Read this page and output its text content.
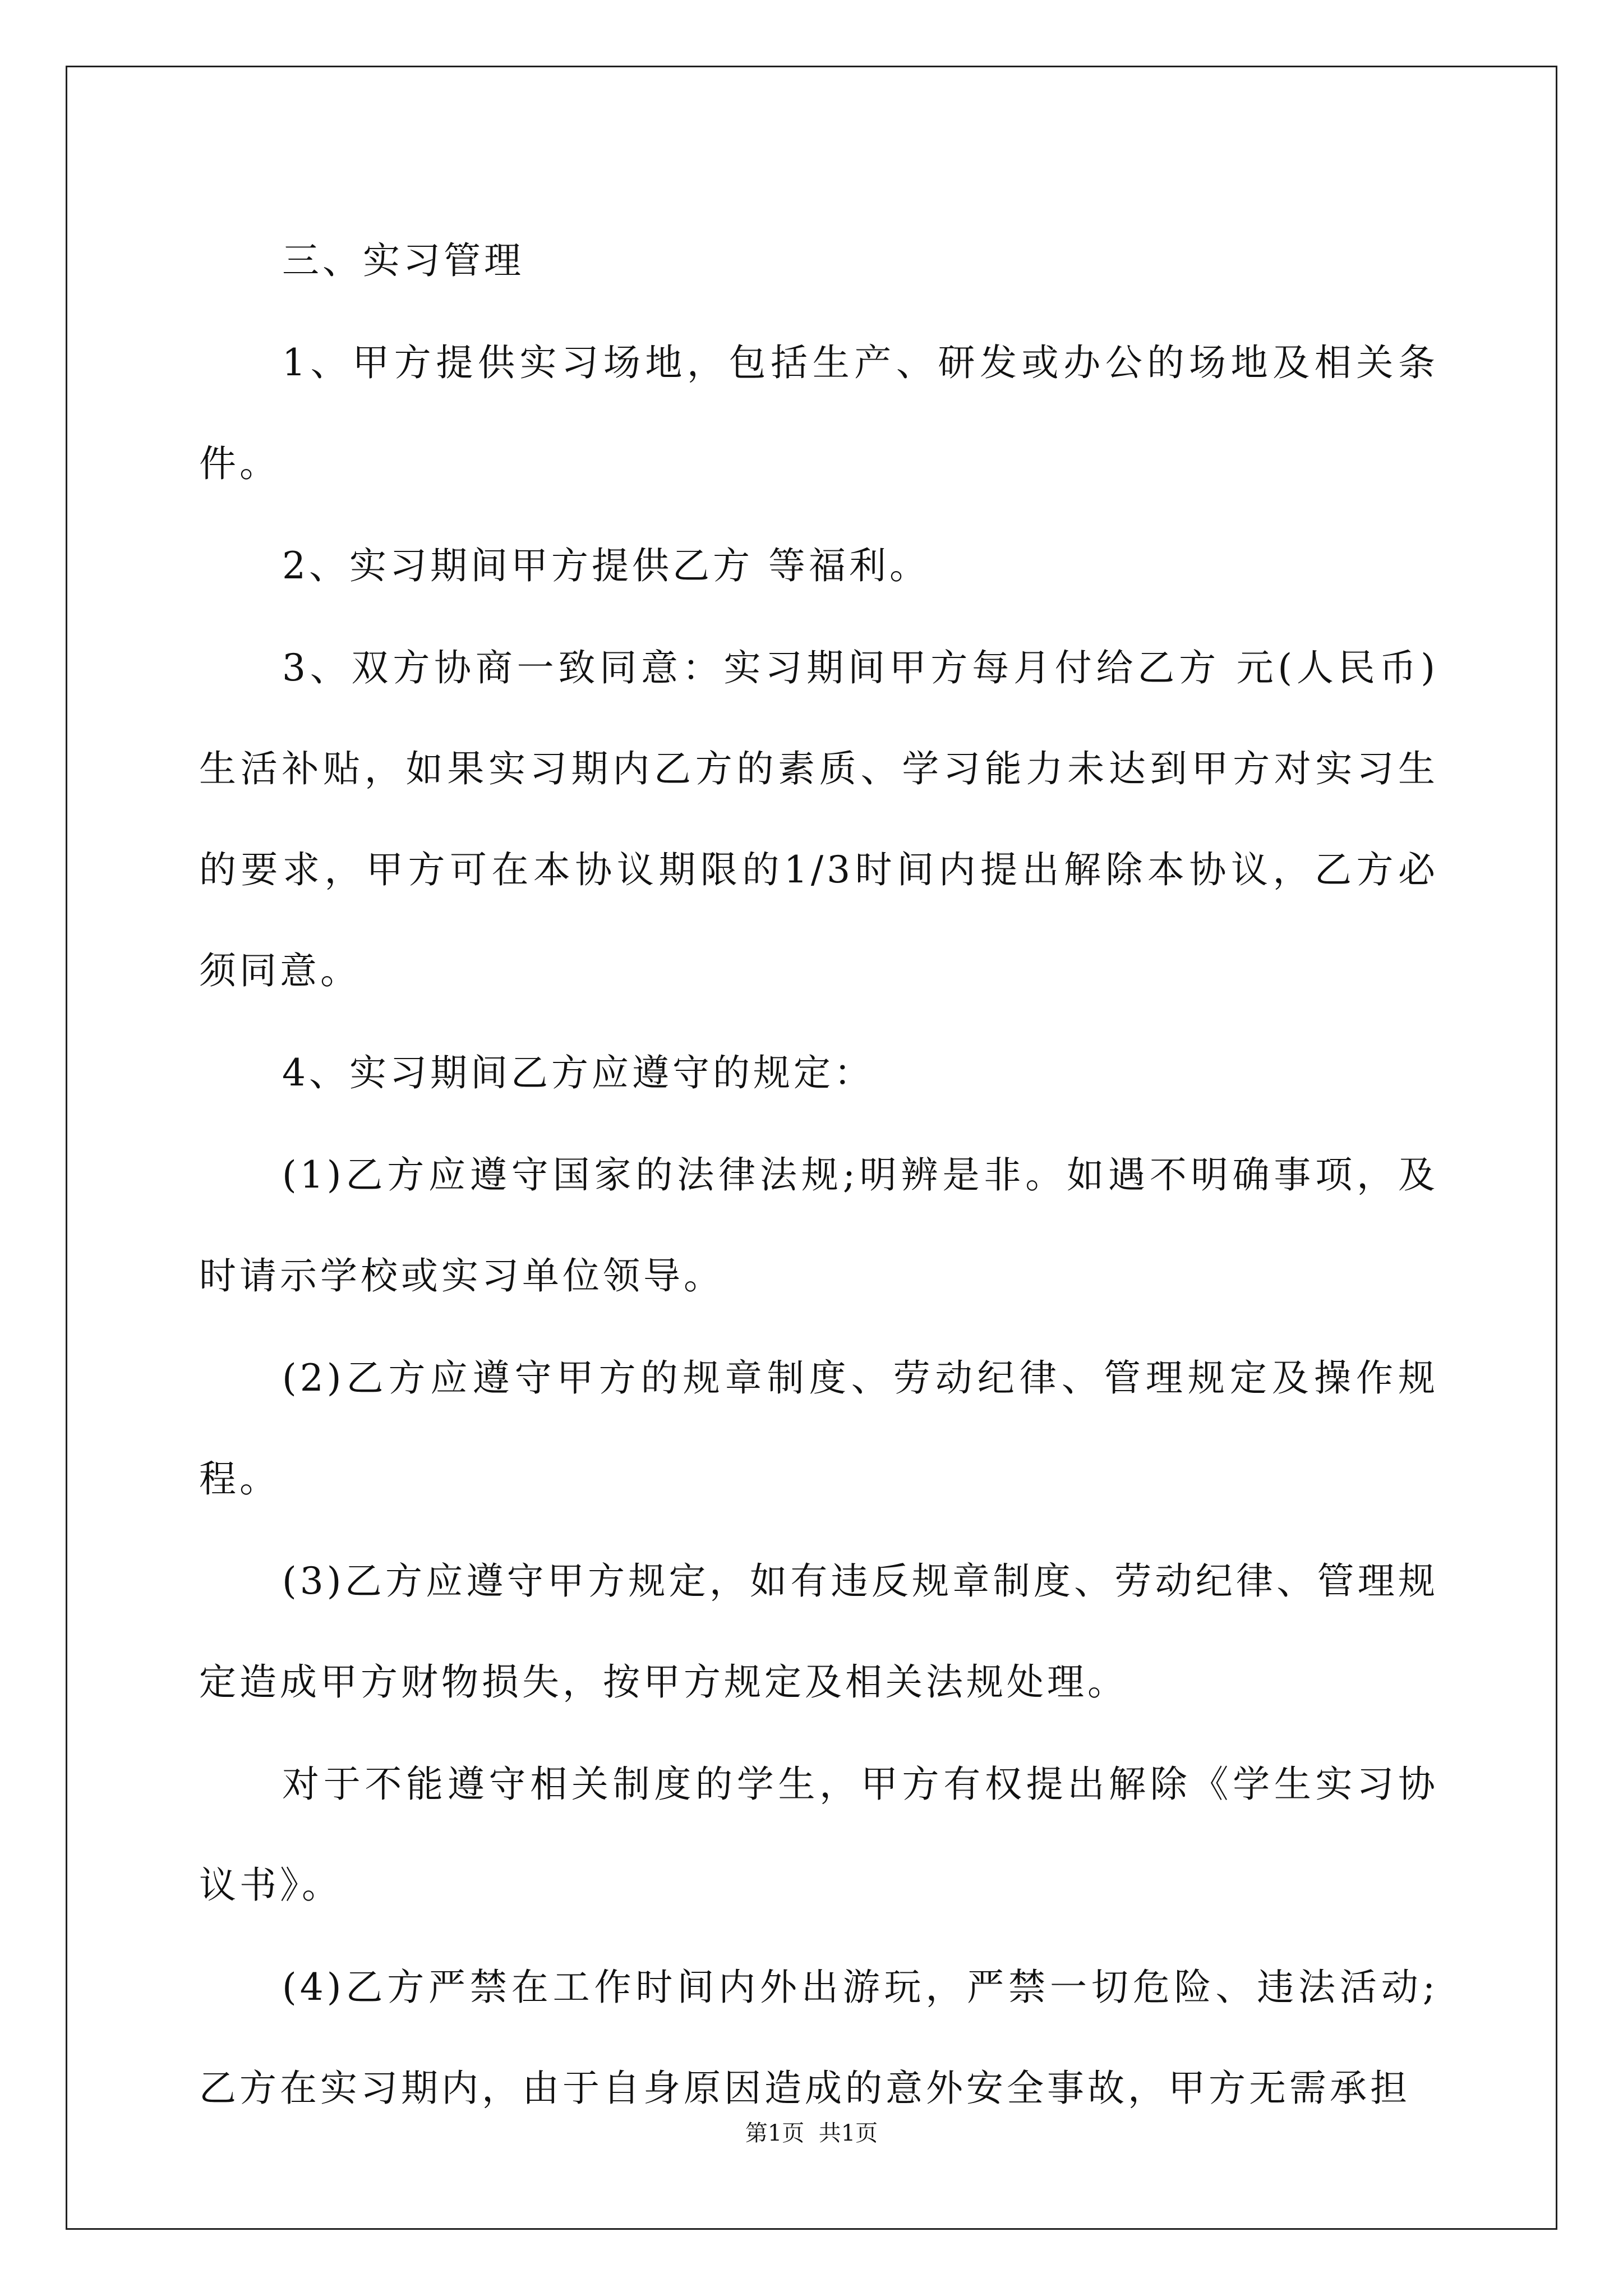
三、实习管理

1、甲方提供实习场地，包括生产、研发或办公的场地及相关条件。

2、实习期间甲方提供乙方 等福利。

3、双方协商一致同意：实习期间甲方每月付给乙方 元(人民币)生活补贴，如果实习期内乙方的素质、学习能力未达到甲方对实习生的要求，甲方可在本协议期限的1/3时间内提出解除本协议，乙方必须同意。

4、实习期间乙方应遵守的规定：

(1)乙方应遵守国家的法律法规;明辨是非。如遇不明确事项，及时请示学校或实习单位领导。

(2)乙方应遵守甲方的规章制度、劳动纪律、管理规定及操作规程。

(3)乙方应遵守甲方规定，如有违反规章制度、劳动纪律、管理规定造成甲方财物损失，按甲方规定及相关法规处理。

对于不能遵守相关制度的学生，甲方有权提出解除《学生实习协议书》。

(4)乙方严禁在工作时间内外出游玩，严禁一切危险、违法活动;乙方在实习期内，由于自身原因造成的意外安全事故，甲方无需承担

第1页  共1页
